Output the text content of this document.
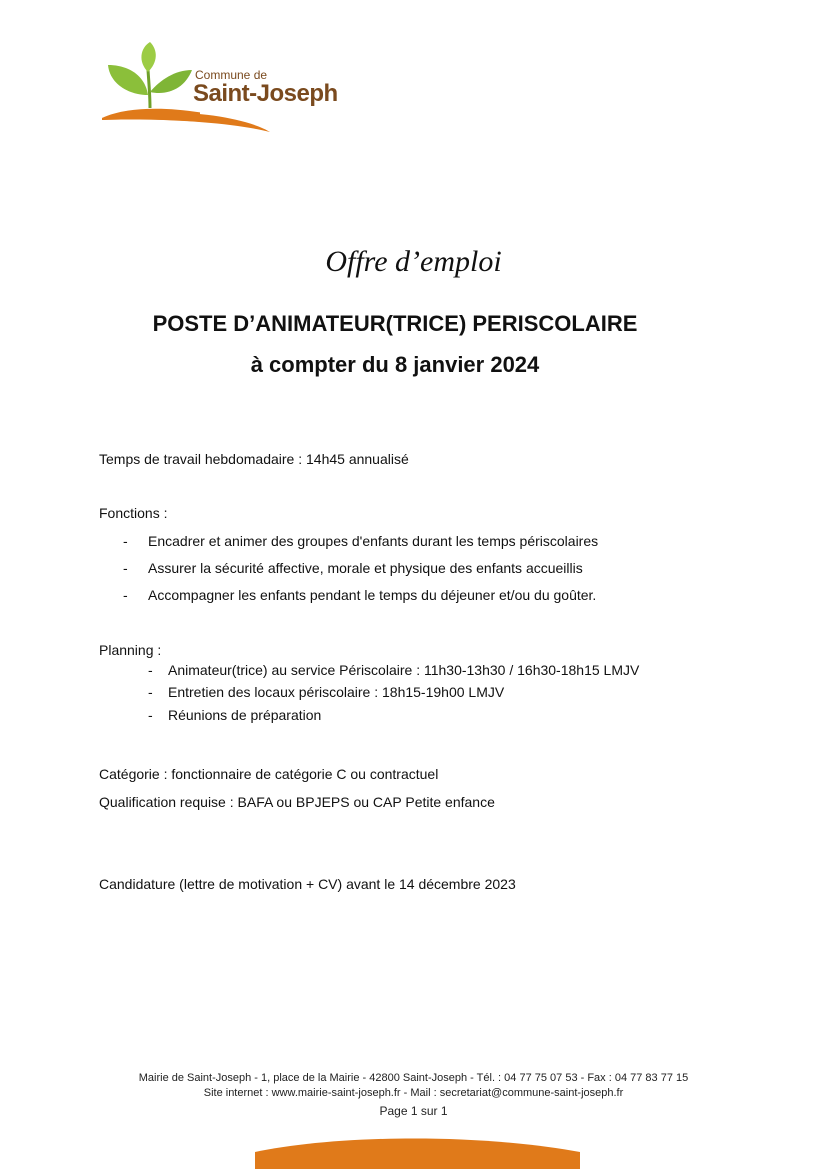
Commune de
Saint-Joseph
Offre d’emploi
POSTE D’ANIMATEUR(TRICE) PERISCOLAIRE
à compter du 8 janvier 2024
Temps de travail hebdomadaire : 14h45 annualisé
Fonctions :
- Encadrer et animer des groupes d'enfants durant les temps périscolaires
- Assurer la sécurité affective, morale et physique des enfants accueillis
- Accompagner les enfants pendant le temps du déjeuner et/ou du goûter.
Planning :
- Animateur(trice) au service Périscolaire : 11h30-13h30 / 16h30-18h15 LMJV
- Entretien des locaux périscolaire : 18h15-19h00 LMJV
- Réunions de préparation
Catégorie : fonctionnaire de catégorie C ou contractuel
Qualification requise : BAFA ou BPJEPS ou CAP Petite enfance
Candidature (lettre de motivation + CV) avant le 14 décembre 2023
Mairie de Saint-Joseph - 1, place de la Mairie - 42800 Saint-Joseph - Tél. : 04 77 75 07 53 - Fax : 04 77 83 77 15
Site internet : www.mairie-saint-joseph.fr - Mail : secretariat@commune-saint-joseph.fr
Page 1 sur 1
